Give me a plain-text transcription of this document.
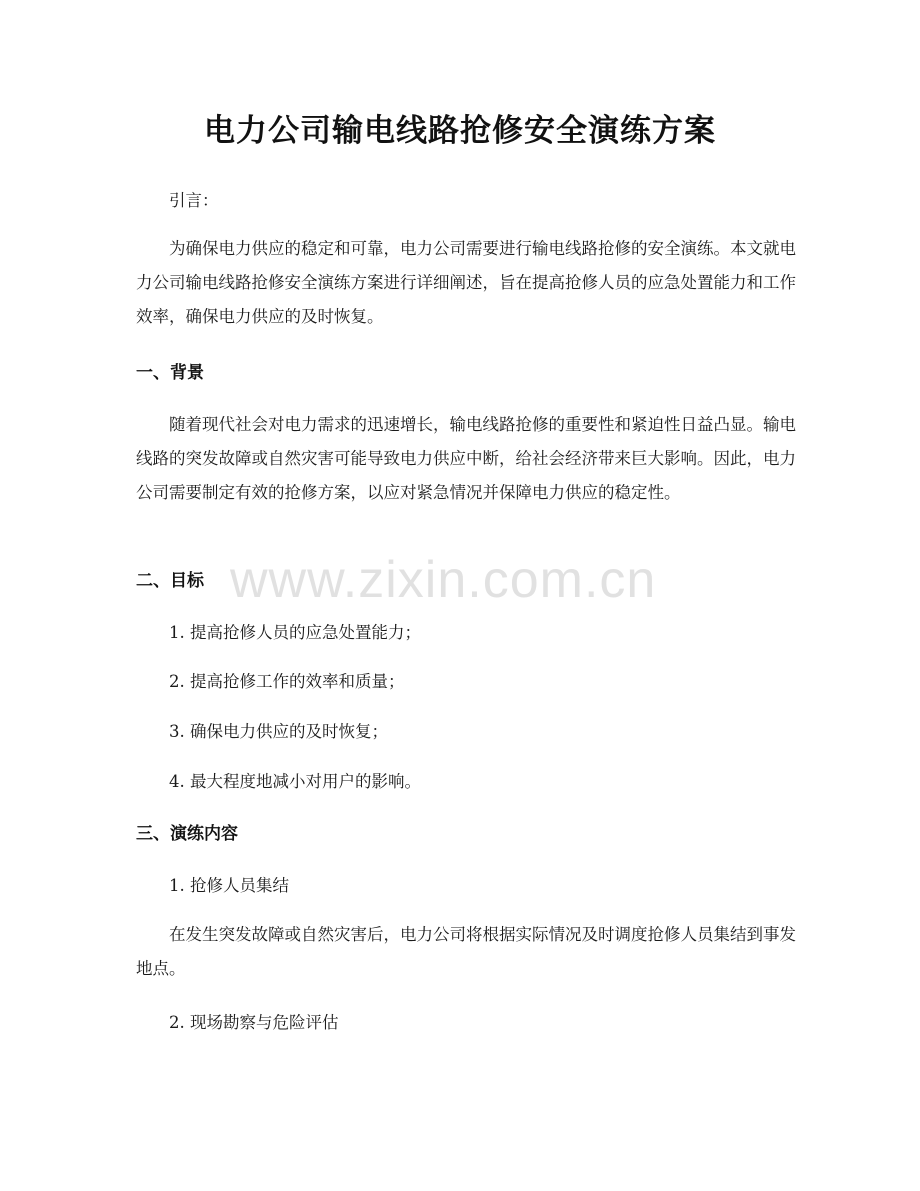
电力公司输电线路抢修安全演练方案
引言：
为确保电力供应的稳定和可靠，电力公司需要进行输电线路抢修的安全演练。本文就电力公司输电线路抢修安全演练方案进行详细阐述，旨在提高抢修人员的应急处置能力和工作效率，确保电力供应的及时恢复。
一、背景
随着现代社会对电力需求的迅速增长，输电线路抢修的重要性和紧迫性日益凸显。输电线路的突发故障或自然灾害可能导致电力供应中断，给社会经济带来巨大影响。因此，电力公司需要制定有效的抢修方案，以应对紧急情况并保障电力供应的稳定性。
二、目标
1. 提高抢修人员的应急处置能力；
2. 提高抢修工作的效率和质量；
3. 确保电力供应的及时恢复；
4. 最大程度地减小对用户的影响。
三、演练内容
1. 抢修人员集结
在发生突发故障或自然灾害后，电力公司将根据实际情况及时调度抢修人员集结到事发地点。
2. 现场勘察与危险评估
www.zixin.com.cn
